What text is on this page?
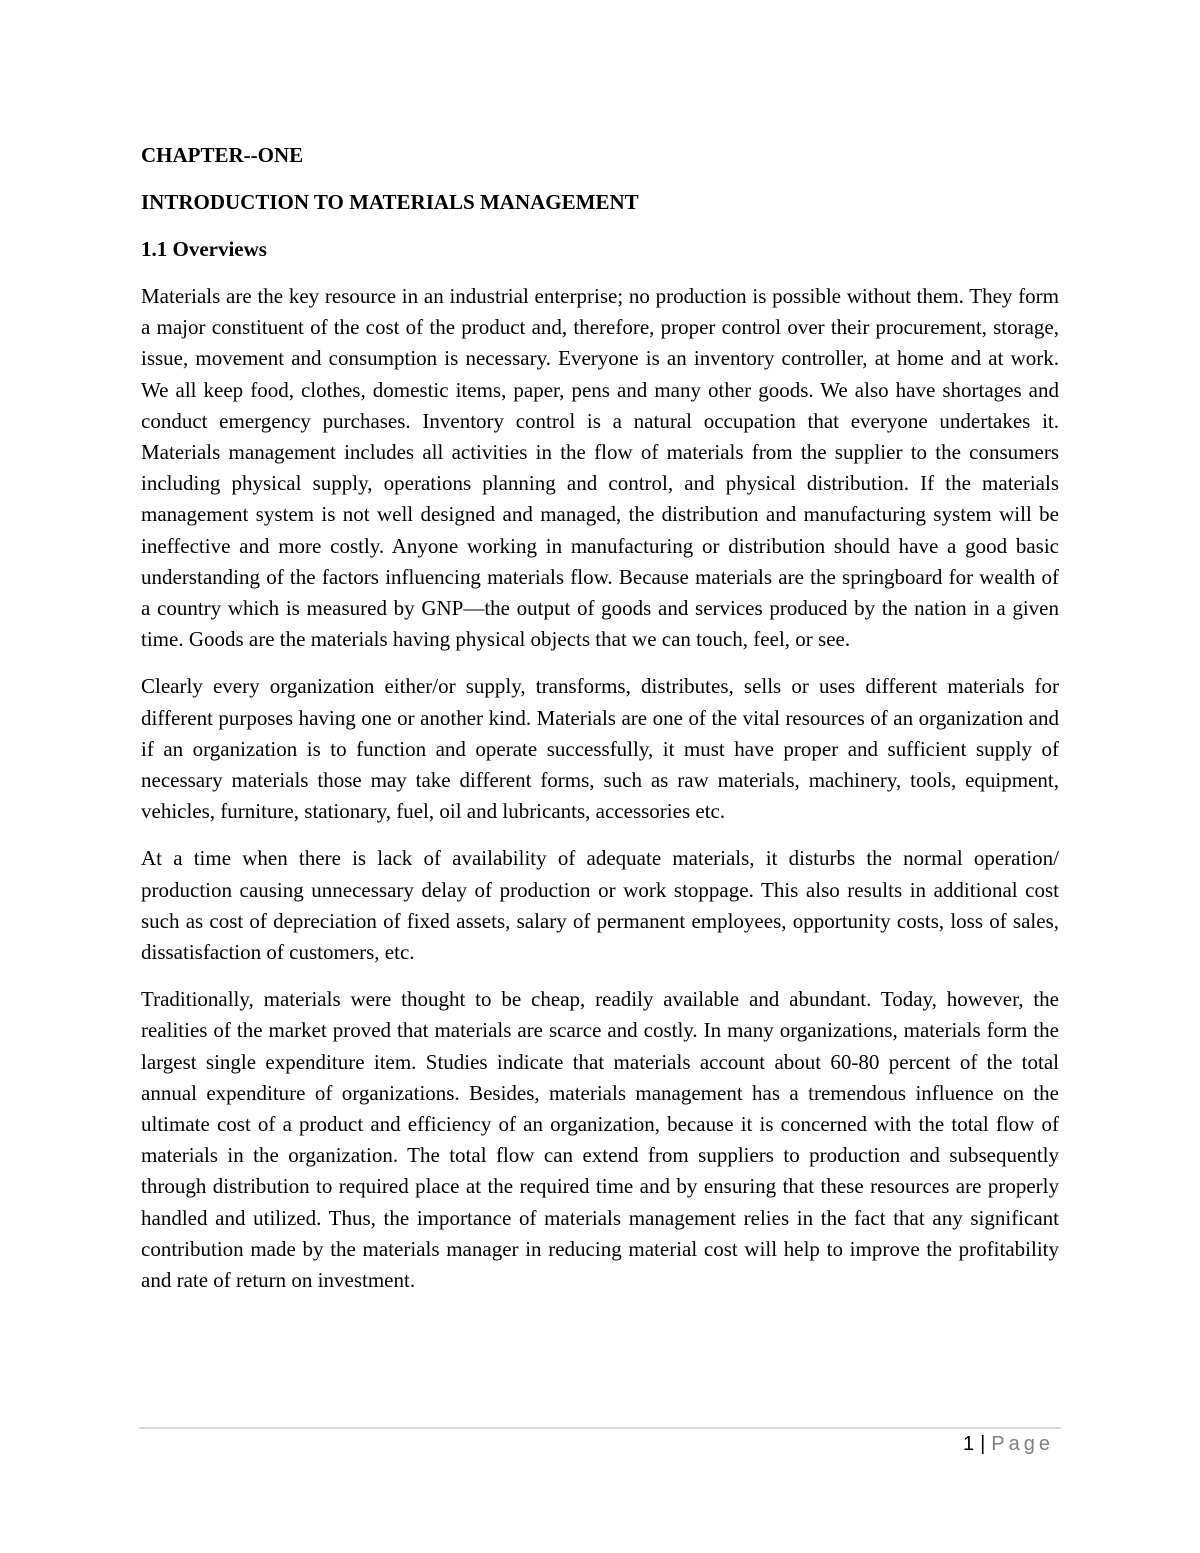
CHAPTER--ONE
INTRODUCTION TO MATERIALS MANAGEMENT
1.1 Overviews

Materials are the key resource in an industrial enterprise; no production is possible without them. They form a major constituent of the cost of the product and, therefore, proper control over their procurement, storage, issue, movement and consumption is necessary. Everyone is an inventory controller, at home and at work. We all keep food, clothes, domestic items, paper, pens and many other goods. We also have shortages and conduct emergency purchases. Inventory control is a natural occupation that everyone undertakes it. Materials management includes all activities in the flow of materials from the supplier to the consumers including physical supply, operations planning and control, and physical distribution. If the materials management system is not well designed and managed, the distribution and manufacturing system will be ineffective and more costly. Anyone working in manufacturing or distribution should have a good basic understanding of the factors influencing materials flow. Because materials are the springboard for wealth of a country which is measured by GNP—the output of goods and services produced by the nation in a given time. Goods are the materials having physical objects that we can touch, feel, or see.

Clearly every organization either/or supply, transforms, distributes, sells or uses different materials for different purposes having one or another kind. Materials are one of the vital resources of an organization and if an organization is to function and operate successfully, it must have proper and sufficient supply of necessary materials those may take different forms, such as raw materials, machinery, tools, equipment, vehicles, furniture, stationary, fuel, oil and lubricants, accessories etc.

At a time when there is lack of availability of adequate materials, it disturbs the normal operation/ production causing unnecessary delay of production or work stoppage. This also results in additional cost such as cost of depreciation of fixed assets, salary of permanent employees, opportunity costs, loss of sales, dissatisfaction of customers, etc.

Traditionally, materials were thought to be cheap, readily available and abundant. Today, however, the realities of the market proved that materials are scarce and costly. In many organizations, materials form the largest single expenditure item. Studies indicate that materials account about 60-80 percent of the total annual expenditure of organizations. Besides, materials management has a tremendous influence on the ultimate cost of a product and efficiency of an organization, because it is concerned with the total flow of materials in the organization. The total flow can extend from suppliers to production and subsequently through distribution to required place at the required time and by ensuring that these resources are properly handled and utilized. Thus, the importance of materials management relies in the fact that any significant contribution made by the materials manager in reducing material cost will help to improve the profitability and rate of return on investment.

1 | Page
